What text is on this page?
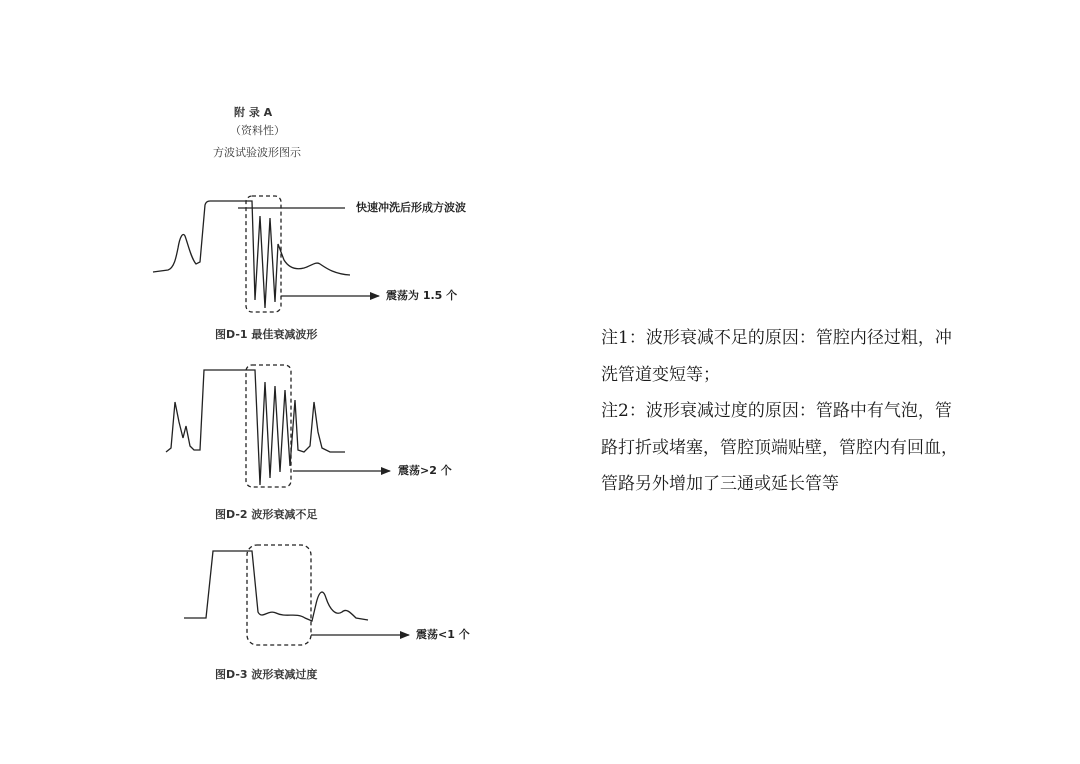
附 录 A
（资料性）
方波试验波形图示
快速冲洗后形成方波波
震荡为 1.5 个
图D-1 最佳衰减波形
震荡>2 个
图D-2 波形衰减不足
震荡<1 个
图D-3 波形衰减过度
注1：波形衰减不足的原因：管腔内径过粗，冲
洗管道变短等；
注2：波形衰减过度的原因：管路中有气泡，管
路打折或堵塞，管腔顶端贴壁，管腔内有回血，
管路另外增加了三通或延长管等
